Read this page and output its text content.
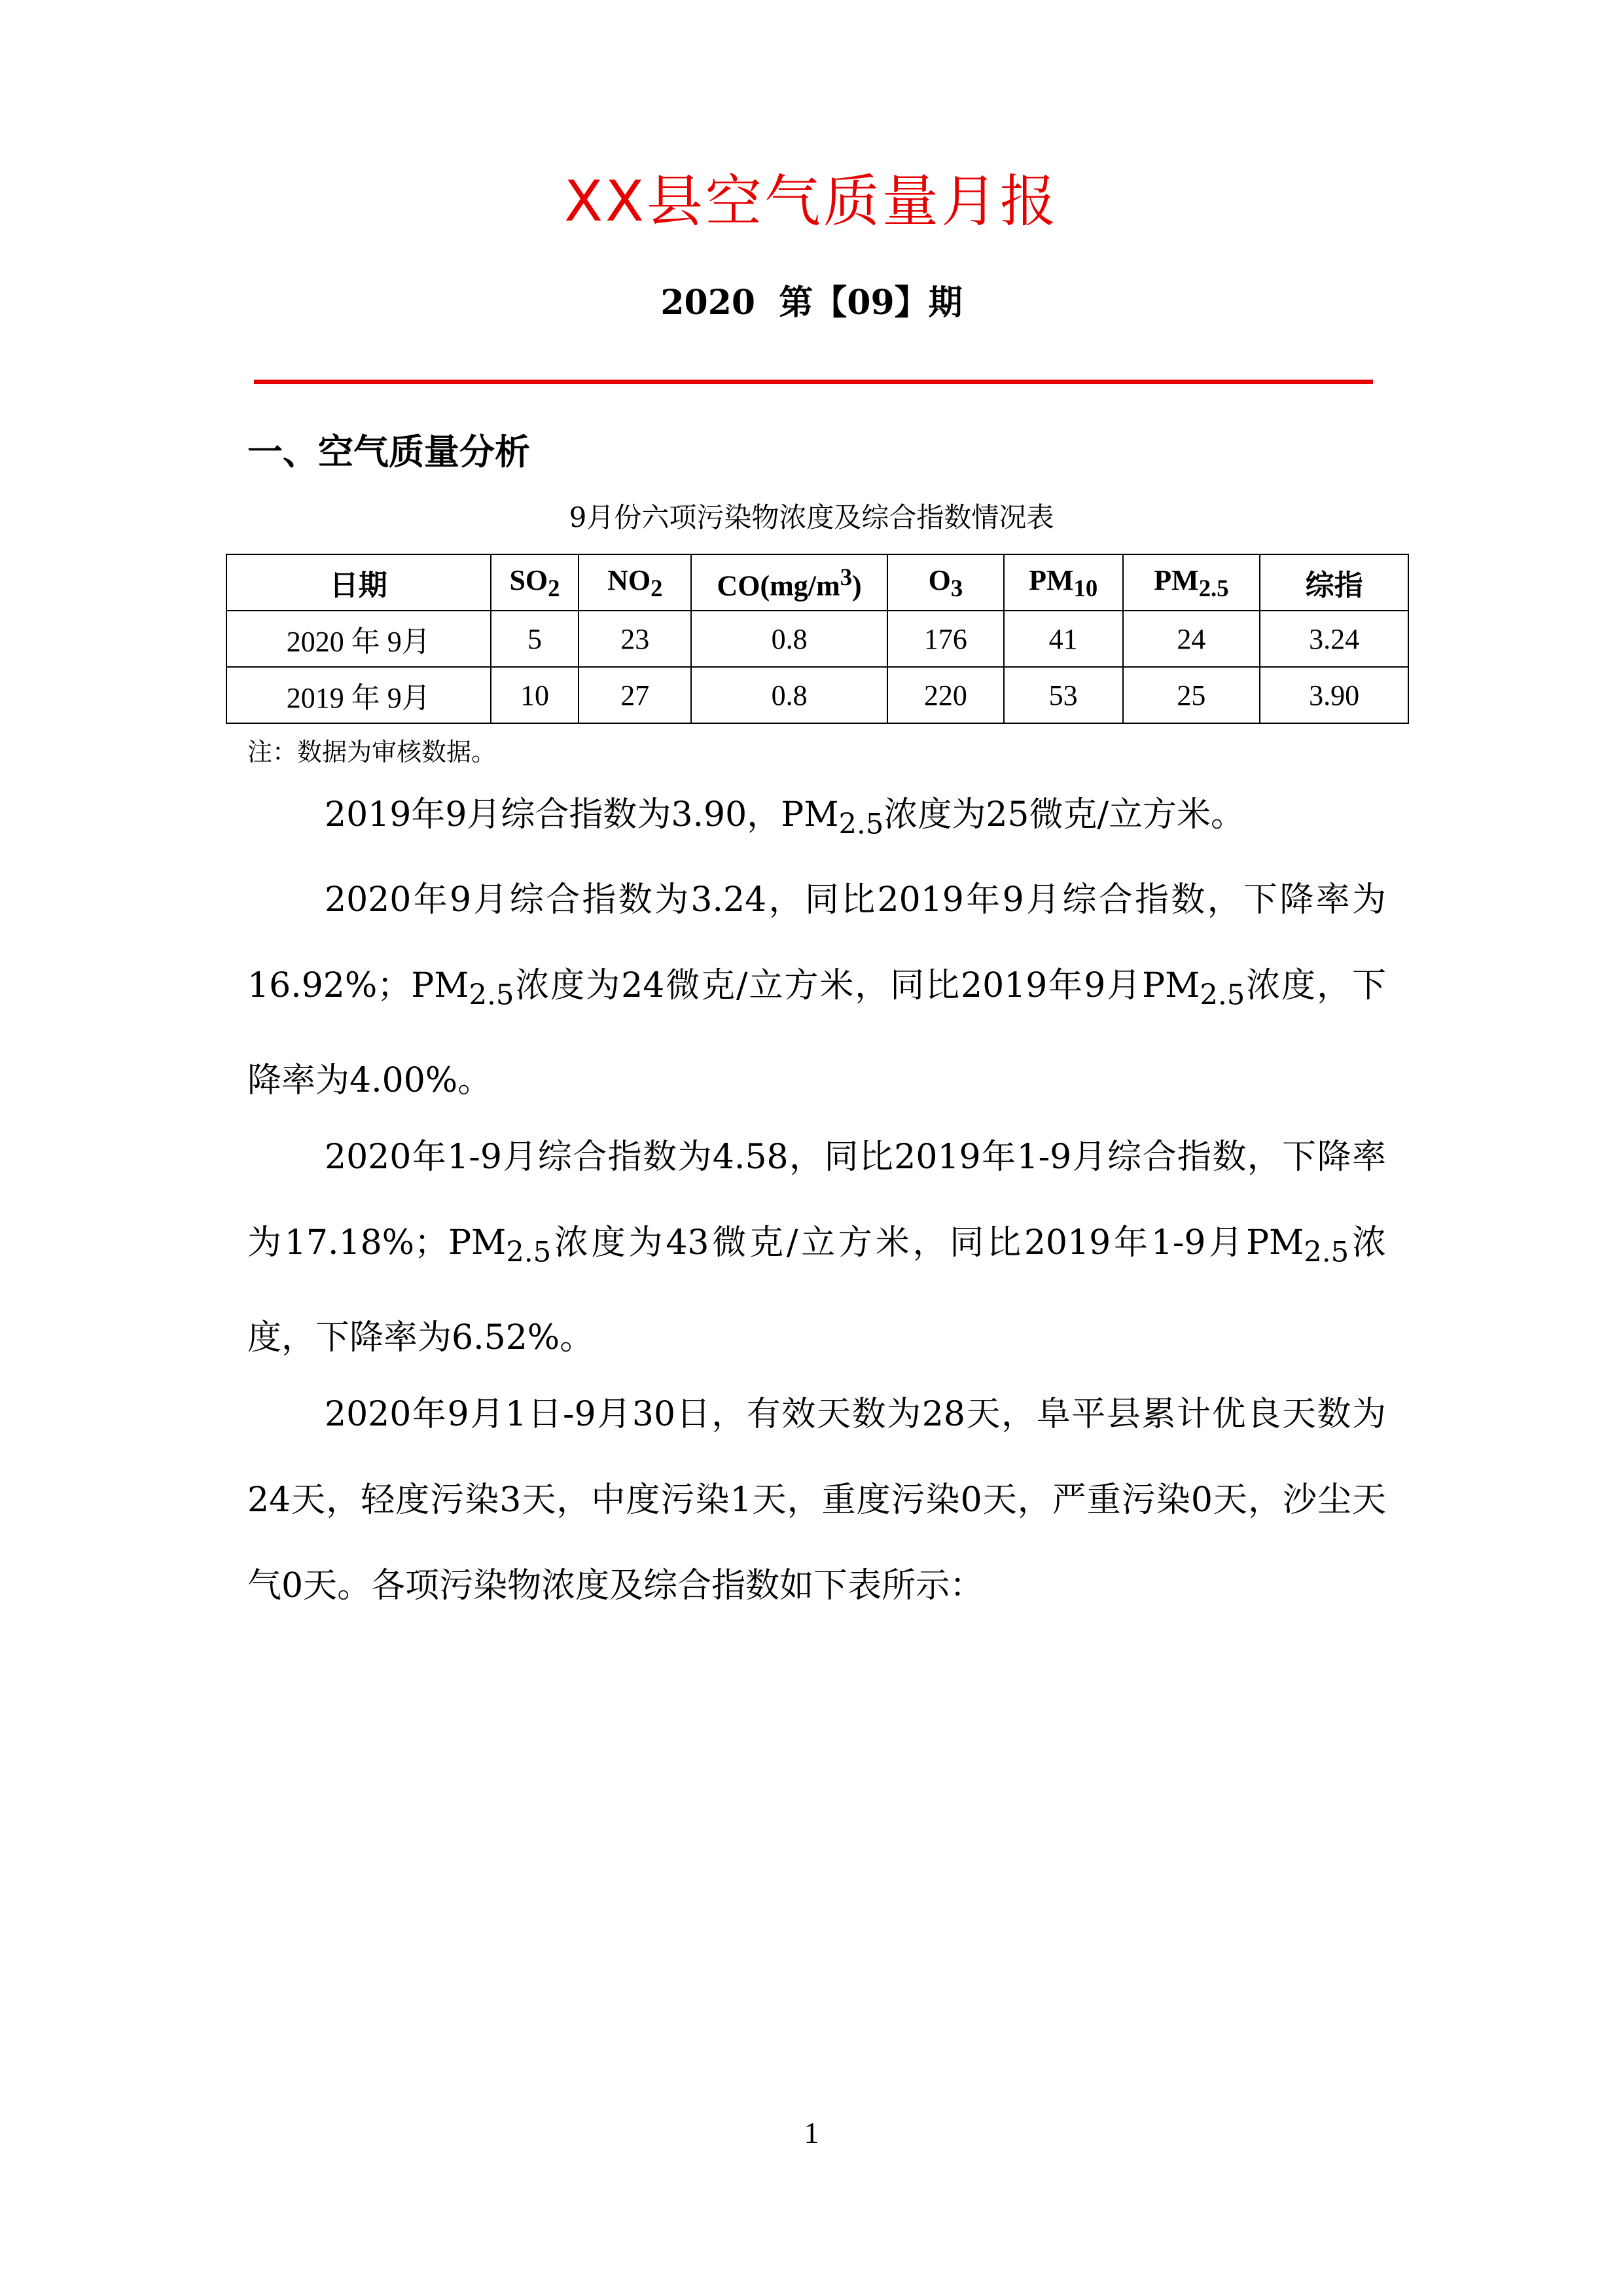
XX县空气质量月报
2020  第【09】期
一、空气质量分析
9月份六项污染物浓度及综合指数情况表
日期	$SO_2$	$NO_2$	$CO(mg/m^3)$	$O_3$	$PM_{10}$	$PM_{2.5}$	综指
2020 年 9月	5	23	0.8	176	41	24	3.24
2019 年 9月	10	27	0.8	220	53	25	3.90
注：数据为审核数据。
2019年9月综合指数为3.90，$PM_{2.5}$浓度为25微克/立方米。
2020年9月综合指数为3.24，同比2019年9月综合指数，下降率为16.92%；$PM_{2.5}$浓度为24微克/立方米，同比2019年9月$PM_{2.5}$浓度，下降率为4.00%。
2020年1-9月综合指数为4.58，同比2019年1-9月综合指数，下降率为17.18%；$PM_{2.5}$浓度为43微克/立方米，同比2019年1-9月$PM_{2.5}$浓度，下降率为6.52%。
2020年9月1日-9月30日，有效天数为28天，阜平县累计优良天数为24天，轻度污染3天，中度污染1天，重度污染0天，严重污染0天，沙尘天气0天。各项污染物浓度及综合指数如下表所示：
1
